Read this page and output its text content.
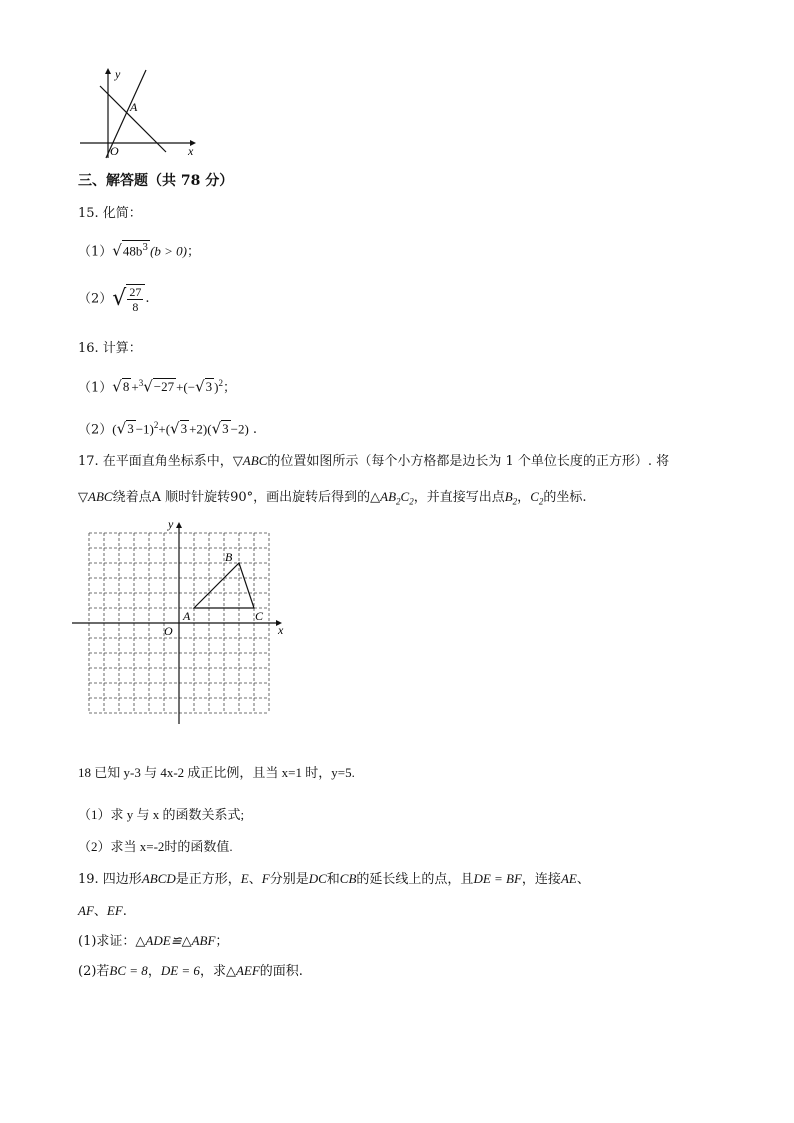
y
x
O
A
三、解答题（共 78 分）
15. 化简：
$(1)√48b^3$ (b > 0)；
$(2)√ \frac{27}{8}$ .
16. 计算：
（1）√8 +$^3$√−27 +(−√3 )$^2$；
$(2)(√3 -1)^2+(√3 +2)(√3 -2)$ .
17. 在平面直角坐标系中，▽ABC的位置如图所示（每个小方格都是边长为 1 个单位长度的正方形）. 将
▽ABC绕着点A 顺时针旋转90°，画出旋转后得到的$\triangle AB_2C_2$，并直接写出点$B_2$，$C_2$的坐标.
y
x
O
A
B
C
18 已知 y-3 与 4x-2 成正比例，且当 x=1 时，y=5.
（1）求 y 与 x 的函数关系式;
（2）求当 x=-2时的函数值.
19. 四边形ABCD是正方形，E、F分别是DC和CB的延长线上的点，且DE = BF，连接AE、
AF、EF.
(1)求证：△ADE≌△ABF；
(2)若BC = 8，DE = 6，求△AEF的面积.
